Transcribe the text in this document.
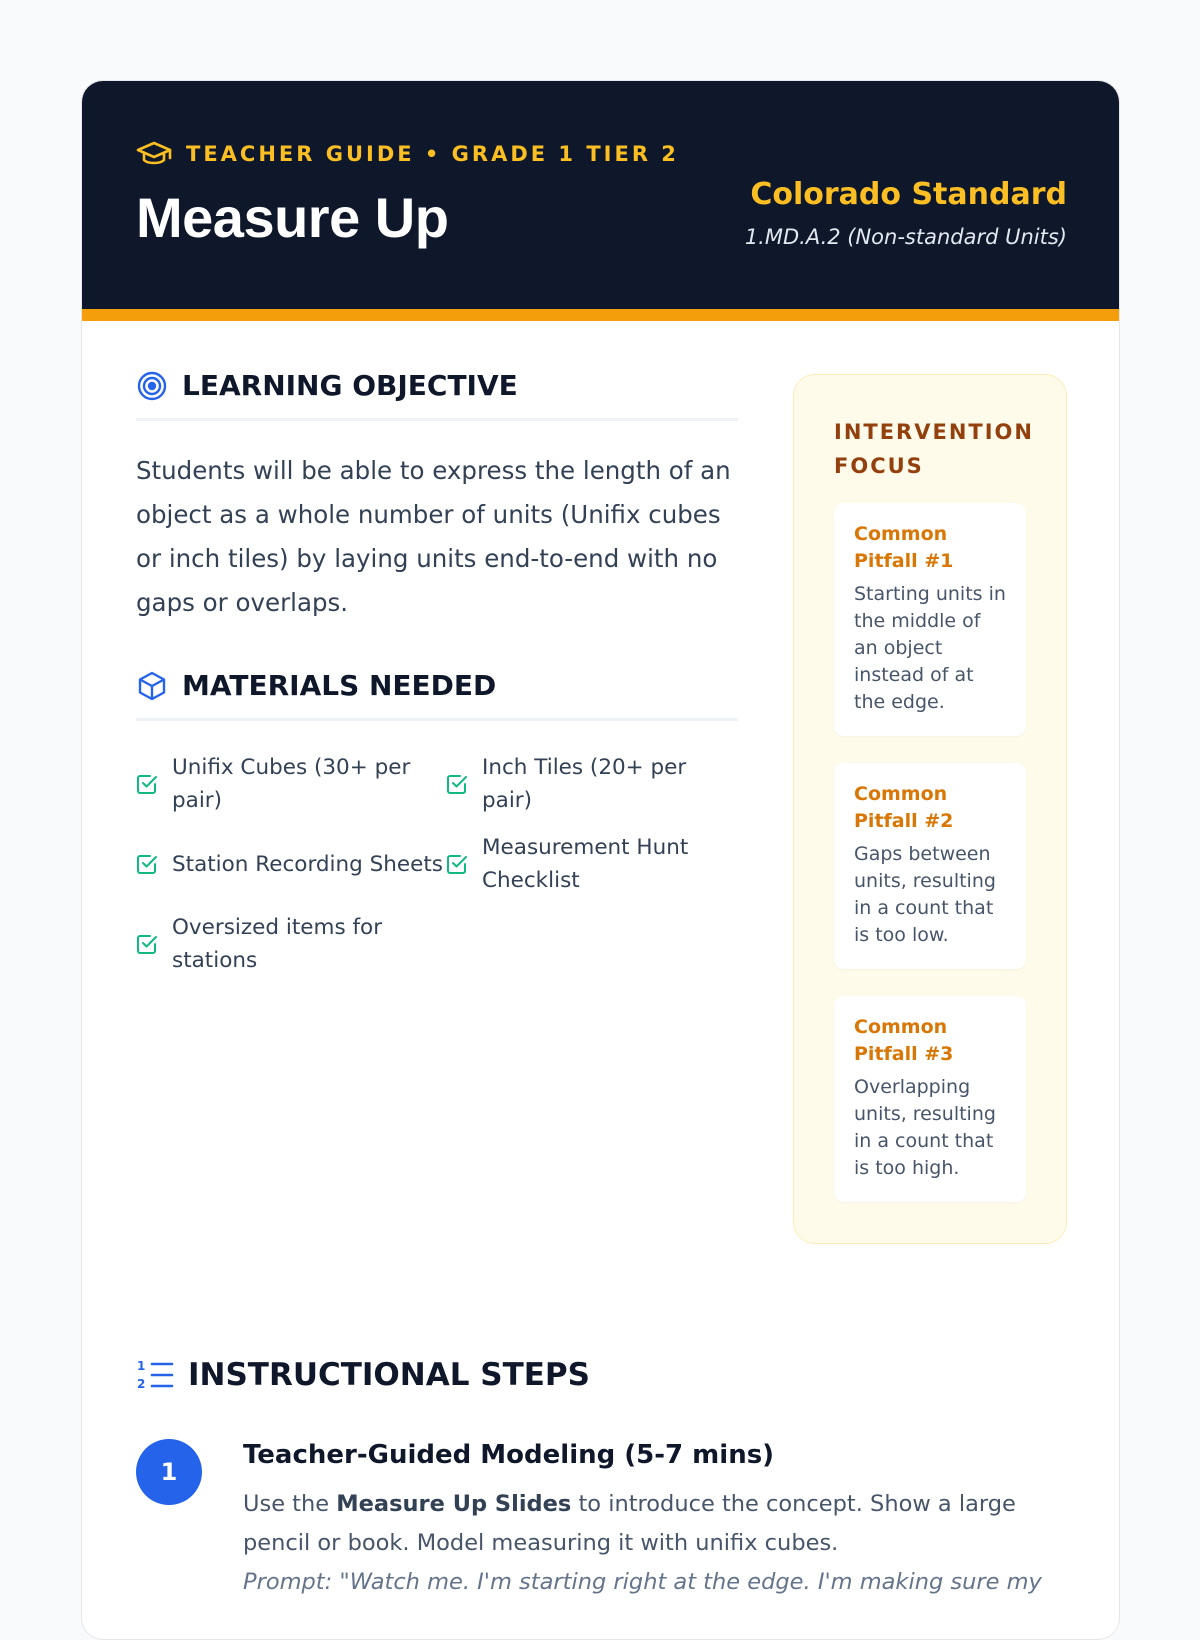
TEACHER GUIDE • GRADE 1 TIER 2
Measure Up	Colorado Standard
1.MD.A.2 (Non-standard Units)
LEARNING OBJECTIVE

Students will be able to express the length of an object as a whole number of units (Unifix cubes or inch tiles) by laying units end-to-end with no gaps or overlaps.

MATERIALS NEEDED
Unifix Cubes (30+ per pair)
Inch Tiles (20+ per pair)
Station Recording Sheets
Measurement Hunt Checklist
Oversized items for stations
INTERVENTION FOCUS
Common Pitfall #1
Starting units in the middle of an object instead of at the edge.
Common Pitfall #2
Gaps between units, resulting in a count that is too low.
Common Pitfall #3
Overlapping units, resulting in a count that is too high.
1
2 INSTRUCTIONAL STEPS
1
Teacher-Guided Modeling (5-7 mins)
Use the Measure Up Slides to introduce the concept. Show a large pencil or book. Model measuring it with unifix cubes.
Prompt: "Watch me. I'm starting right at the edge. I'm making sure my
